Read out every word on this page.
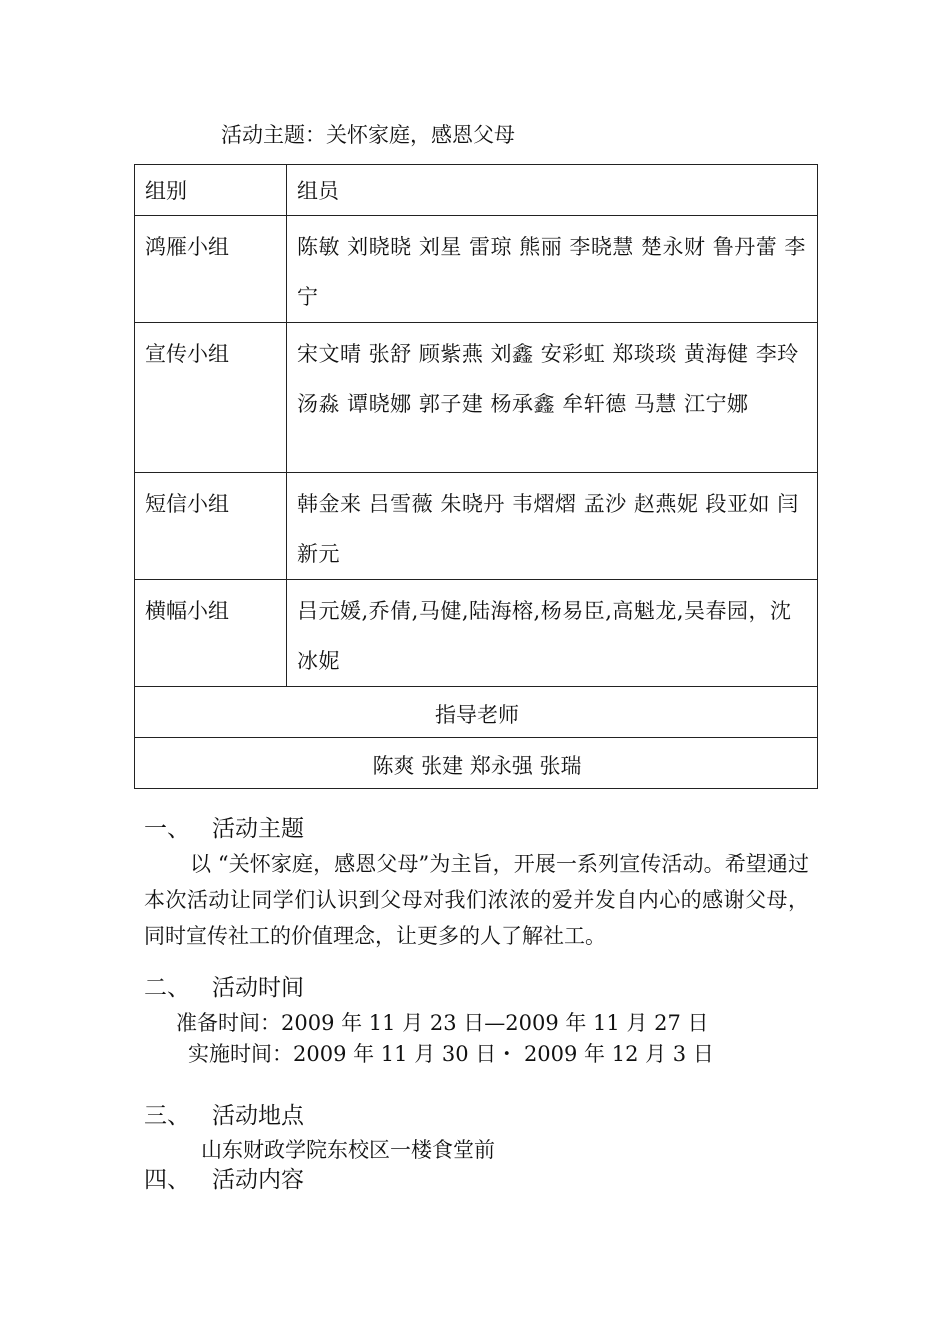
活动主题：关怀家庭，感恩父母
组别	组员
鸿雁小组	陈敏 刘晓晓 刘星 雷琼 熊丽 李晓慧 楚永财 鲁丹蕾 李宁
宣传小组	宋文晴 张舒 顾紫燕 刘鑫 安彩虹 郑琰琰 黄海健 李玲 汤淼 谭晓娜 郭子建 杨承鑫 牟轩德 马慧 江宁娜
短信小组	韩金来 吕雪薇 朱晓丹 韦熠熠 孟沙 赵燕妮 段亚如 闫新元
横幅小组	吕元媛,乔倩,马健,陆海榕,杨易臣,高魁龙,吴春园，沈冰妮
指导老师	
陈爽 张建 郑永强 张瑞	
一、 活动主题
以 “关怀家庭，感恩父母”为主旨，开展一系列宣传活动。希望通过本次活动让同学们认识到父母对我们浓浓的爱并发自内心的感谢父母，同时宣传社工的价值理念，让更多的人了解社工。
二、 活动时间
准备时间：2009 年 11 月 23 日—2009 年 11 月 27 日
实施时间：2009 年 11 月 30 日・ 2009 年 12 月 3 日
三、 活动地点
山东财政学院东校区一楼食堂前
四、 活动内容
